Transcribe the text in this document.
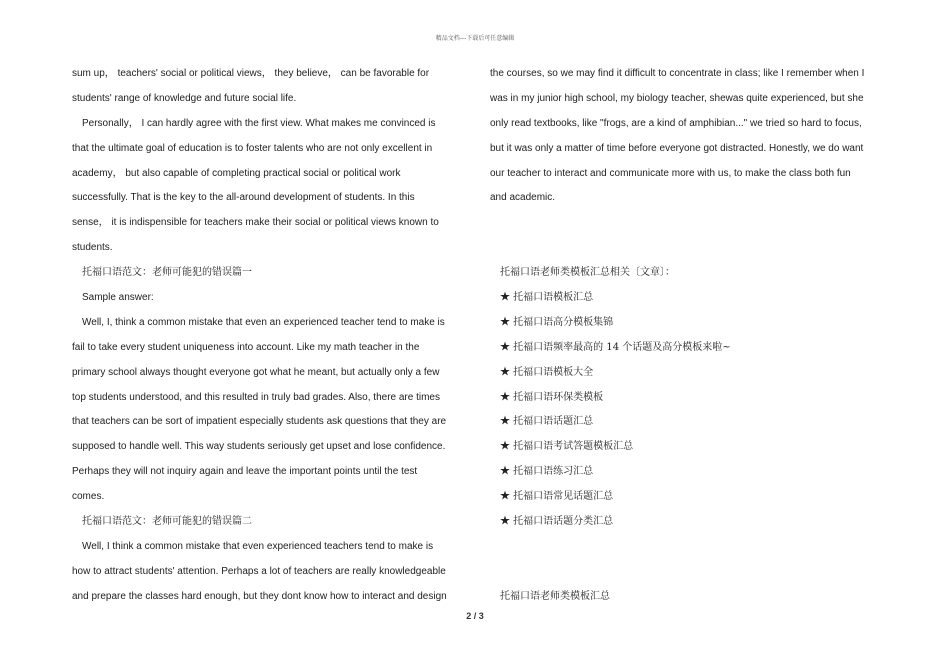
精品文档---下载后可任意编辑
sum up， teachers' social or political views， they believe， can be favorable for
students' range of knowledge and future social life.
Personally， I can hardly agree with the first view. What makes me convinced is
that the ultimate goal of education is to foster talents who are not only excellent in
academy， but also capable of completing practical social or political work
successfully. That is the key to the all-around development of students. In this
sense， it is indispensible for teachers make their social or political views known to
students.
托福口语范文：老师可能犯的错误篇一
Sample answer:
Well, I, think a common mistake that even an experienced teacher tend to make is
fail to take every student uniqueness into account. Like my math teacher in the
primary school always thought everyone got what he meant, but actually only a few
top students understood, and this resulted in truly bad grades. Also, there are times
that teachers can be sort of impatient especially students ask questions that they are
supposed to handle well. This way students seriously get upset and lose confidence.
Perhaps they will not inquiry again and leave the important points until the test
comes.
托福口语范文：老师可能犯的错误篇二
Well, I think a common mistake that even experienced teachers tend to make is
how to attract students' attention. Perhaps a lot of teachers are really knowledgeable
and prepare the classes hard enough, but they dont know how to interact and design
the courses, so we may find it difficult to concentrate in class; like I remember when I
was in my junior high school, my biology teacher, shewas quite experienced, but she
only read textbooks, like "frogs, are a kind of amphibian..." we tried so hard to focus,
but it was only a matter of time before everyone got distracted. Honestly, we do want
our teacher to interact and communicate more with us, to make the class both fun
and academic.
托福口语老师类模板汇总相关〔文章〕：
★ 托福口语模板汇总
★ 托福口语高分模板集锦
★ 托福口语频率最高的 14 个话题及高分模板来啦~
★ 托福口语模板大全
★ 托福口语环保类模板
★ 托福口语话题汇总
★ 托福口语考试答题模板汇总
★ 托福口语练习汇总
★ 托福口语常见话题汇总
★ 托福口语话题分类汇总
托福口语老师类模板汇总
2 / 3
